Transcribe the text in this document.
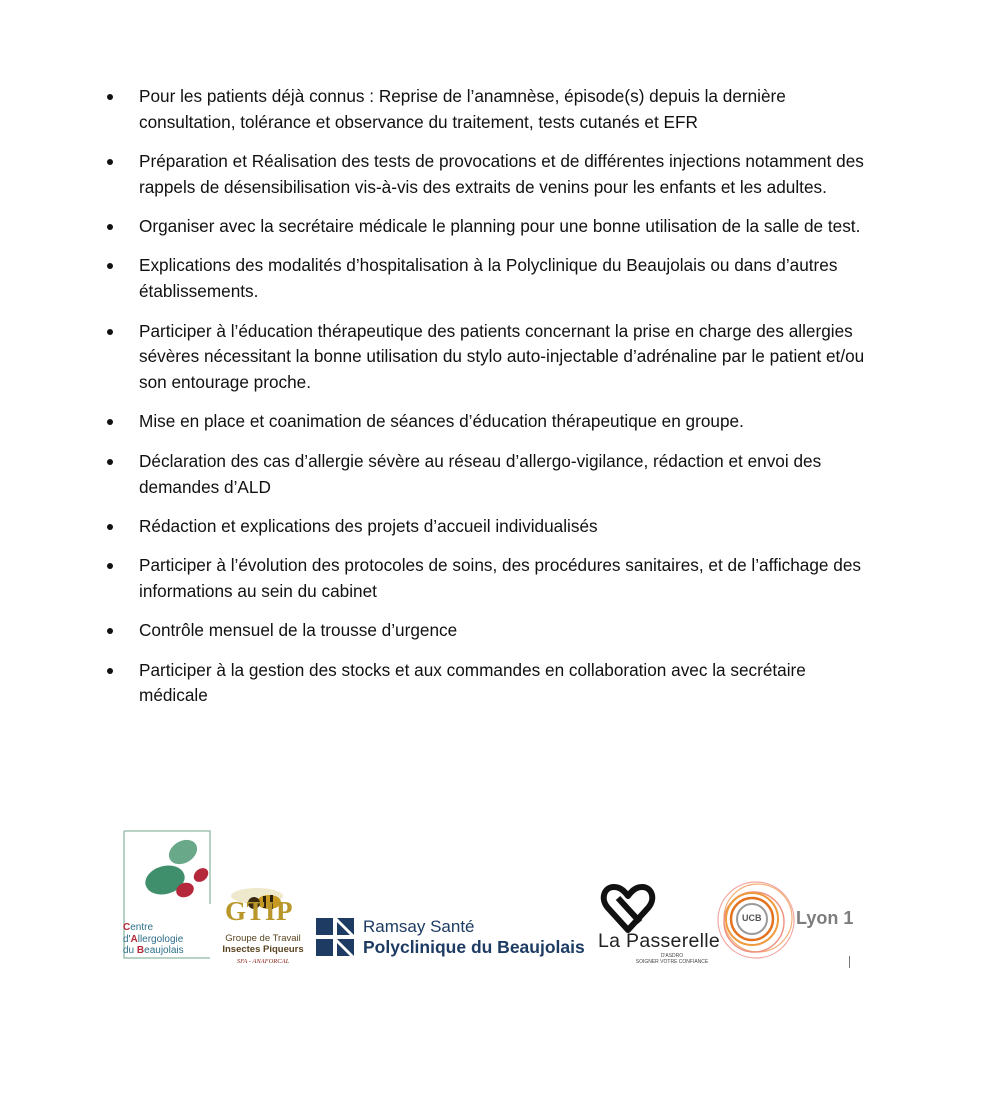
Pour les patients déjà connus : Reprise de l’anamnèse, épisode(s) depuis la dernière consultation, tolérance et observance du traitement, tests cutanés et EFR
Préparation et Réalisation des tests de provocations et de différentes injections notamment des rappels de désensibilisation vis-à-vis des extraits de venins pour les enfants et les adultes.
Organiser avec la secrétaire médicale le planning pour une bonne utilisation de la salle de test.
Explications des modalités d’hospitalisation à la Polyclinique du Beaujolais ou dans d’autres établissements.
Participer à l’éducation thérapeutique des patients concernant la prise en charge des allergies sévères nécessitant la bonne utilisation du stylo auto-injectable d’adrénaline par le patient et/ou son entourage proche.
Mise en place et coanimation de séances d’éducation thérapeutique en groupe.
Déclaration des cas d’allergie sévère au réseau d’allergo-vigilance, rédaction et envoi des demandes d’ALD
Rédaction et explications des projets d’accueil individualisés
Participer à l’évolution des protocoles de soins, des procédures sanitaires, et de l’affichage des informations au sein du cabinet
Contrôle mensuel de la trousse d’urgence
Participer à la gestion des stocks et aux commandes en collaboration avec la secrétaire médicale
Centre
d'Allergologie
du Beaujolais
GTIP
Groupe de Travail
Insectes Piqueurs
SFA - ANAFORCAL
Ramsay Santé
Polyclinique du Beaujolais La Passerelle
D'ASDRO
SOIGNER VOTRE CONFIANCE
UCB Lyon 1
